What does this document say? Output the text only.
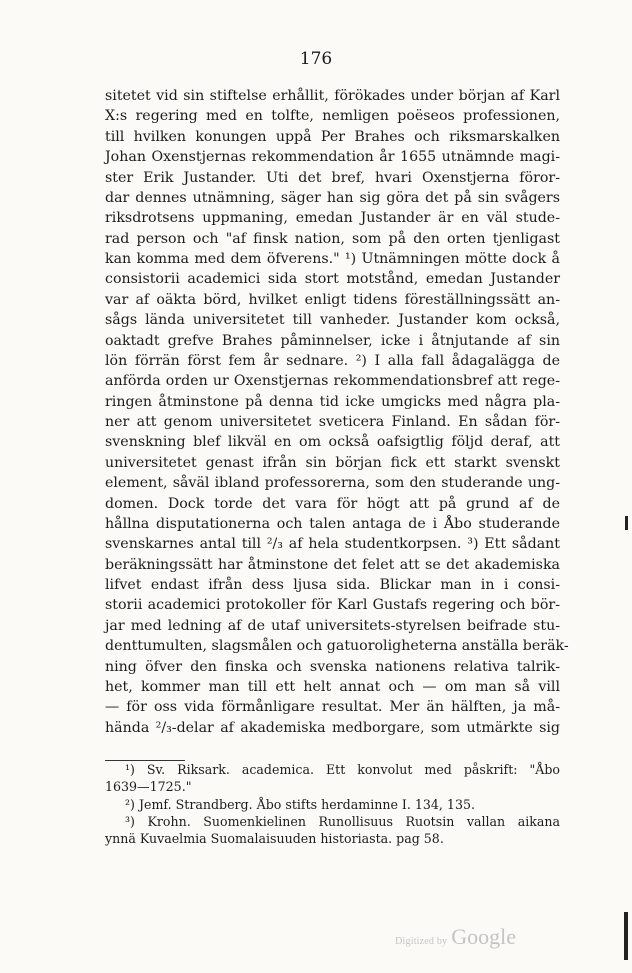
176
sitetet vid sin stiftelse erhållit, förökades under början af Karl
X:s regering med en tolfte, nemligen poëseos professionen,
till hvilken konungen uppå Per Brahes och riksmarskalken
Johan Oxenstjernas rekommendation år 1655 utnämnde magi-
ster Erik Justander. Uti det bref, hvari Oxenstjerna föror-
dar dennes utnämning, säger han sig göra det på sin svågers
riksdrotsens uppmaning, emedan Justander är en väl stude-
rad person och "af finsk nation, som på den orten tjenligast
kan komma med dem öfverens." ¹) Utnämningen mötte dock å
consistorii academici sida stort motstånd, emedan Justander
var af oäkta börd, hvilket enligt tidens föreställningssätt an-
sågs lända universitetet till vanheder. Justander kom också,
oaktadt grefve Brahes påminnelser, icke i åtnjutande af sin
lön förrän först fem år sednare. ²) I alla fall ådagalägga de
anförda orden ur Oxenstjernas rekommendationsbref att rege-
ringen åtminstone på denna tid icke umgicks med några pla-
ner att genom universitetet sveticera Finland. En sådan för-
svenskning blef likväl en om också oafsigtlig följd deraf, att
universitetet genast ifrån sin början fick ett starkt svenskt
element, såväl ibland professorerna, som den studerande ung-
domen. Dock torde det vara för högt att på grund af de
hållna disputationerna och talen antaga de i Åbo studerande
svenskarnes antal till ²/₃ af hela studentkorpsen. ³) Ett sådant
beräkningssätt har åtminstone det felet att se det akademiska
lifvet endast ifrån dess ljusa sida. Blickar man in i consi-
storii academici protokoller för Karl Gustafs regering och bör-
jar med ledning af de utaf universitets-styrelsen beifrade stu-
denttumulten, slagsmålen och gatuoroligheterna anställa beräk-
ning öfver den finska och svenska nationens relativa talrik-
het, kommer man till ett helt annat och — om man så vill
— för oss vida förmånligare resultat. Mer än hälften, ja må-
hända ²/₃-delar af akademiska medborgare, som utmärkte sig
¹) Sv. Riksark. academica. Ett konvolut med påskrift: "Åbo
1639—1725."
²) Jemf. Strandberg. Åbo stifts herdaminne I. 134, 135.
³) Krohn. Suomenkielinen Runollisuus Ruotsin vallan aikana
ynnä Kuvaelmia Suomalaisuuden historiasta. pag 58.
Digitized by Google
